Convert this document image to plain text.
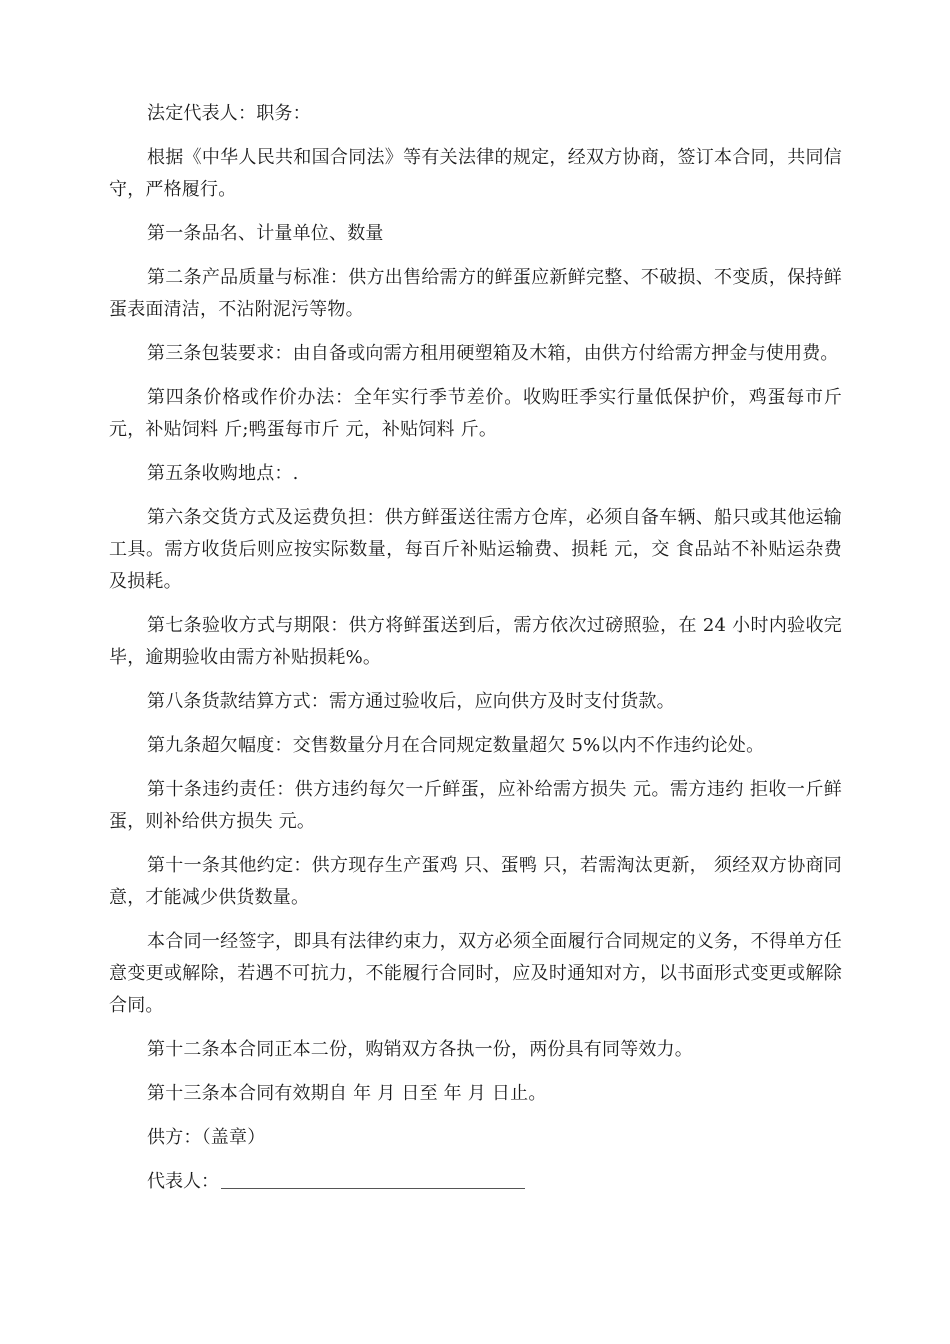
法定代表人：职务：

根据《中华人民共和国合同法》等有关法律的规定，经双方协商，签订本合同，共同信守，严格履行。

第一条品名、计量单位、数量

第二条产品质量与标准：供方出售给需方的鲜蛋应新鲜完整、不破损、不变质，保持鲜蛋表面清洁，不沾附泥污等物。

第三条包装要求：由自备或向需方租用硬塑箱及木箱，由供方付给需方押金与使用费。

第四条价格或作价办法：全年实行季节差价。收购旺季实行量低保护价，鸡蛋每市斤 元，补贴饲料 斤;鸭蛋每市斤 元，补贴饲料 斤。

第五条收购地点：.

第六条交货方式及运费负担：供方鲜蛋送往需方仓库，必须自备车辆、船只或其他运输工具。需方收货后则应按实际数量，每百斤补贴运输费、损耗 元，交 食品站不补贴运杂费及损耗。

第七条验收方式与期限：供方将鲜蛋送到后，需方依次过磅照验，在 24 小时内验收完毕，逾期验收由需方补贴损耗%。

第八条货款结算方式：需方通过验收后，应向供方及时支付货款。

第九条超欠幅度：交售数量分月在合同规定数量超欠 5%以内不作违约论处。

第十条违约责任：供方违约每欠一斤鲜蛋，应补给需方损失 元。需方违约 拒收一斤鲜蛋，则补给供方损失 元。

第十一条其他约定：供方现存生产蛋鸡 只、蛋鸭 只，若需淘汰更新， 须经双方协商同意，才能减少供货数量。

本合同一经签字，即具有法律约束力，双方必须全面履行合同规定的义务，不得单方任意变更或解除，若遇不可抗力，不能履行合同时，应及时通知对方，以书面形式变更或解除合同。

第十二条本合同正本二份，购销双方各执一份，两份具有同等效力。

第十三条本合同有效期自 年 月 日至 年 月 日止。

供方：（盖章）

代表人：
